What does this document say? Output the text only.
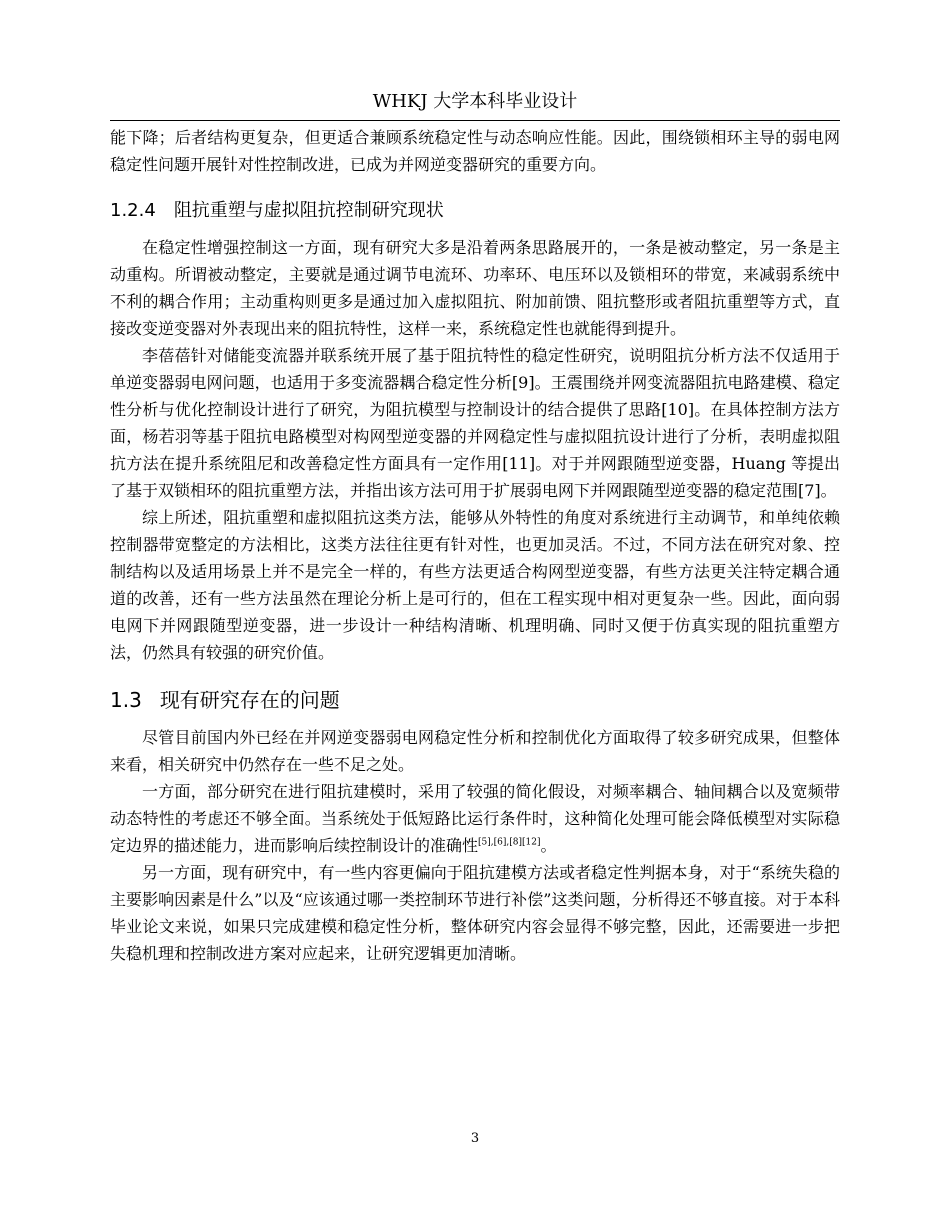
WHKJ 大学本科毕业设计

能下降；后者结构更复杂，但更适合兼顾系统稳定性与动态响应性能。因此，围绕锁相环主导的弱电网稳定性问题开展针对性控制改进，已成为并网逆变器研究的重要方向。

1.2.4 阻抗重塑与虚拟阻抗控制研究现状

在稳定性增强控制这一方面，现有研究大多是沿着两条思路展开的，一条是被动整定，另一条是主动重构。所谓被动整定，主要就是通过调节电流环、功率环、电压环以及锁相环的带宽，来减弱系统中不利的耦合作用；主动重构则更多是通过加入虚拟阻抗、附加前馈、阻抗整形或者阻抗重塑等方式，直接改变逆变器对外表现出来的阻抗特性，这样一来，系统稳定性也就能得到提升。

李蓓蓓针对储能变流器并联系统开展了基于阻抗特性的稳定性研究，说明阻抗分析方法不仅适用于单逆变器弱电网问题，也适用于多变流器耦合稳定性分析[9]。王震围绕并网变流器阻抗电路建模、稳定性分析与优化控制设计进行了研究，为阻抗模型与控制设计的结合提供了思路[10]。在具体控制方法方面，杨若羽等基于阻抗电路模型对构网型逆变器的并网稳定性与虚拟阻抗设计进行了分析，表明虚拟阻抗方法在提升系统阻尼和改善稳定性方面具有一定作用[11]。对于并网跟随型逆变器，Huang 等提出了基于双锁相环的阻抗重塑方法，并指出该方法可用于扩展弱电网下并网跟随型逆变器的稳定范围[7]。

综上所述，阻抗重塑和虚拟阻抗这类方法，能够从外特性的角度对系统进行主动调节，和单纯依赖控制器带宽整定的方法相比，这类方法往往更有针对性，也更加灵活。不过，不同方法在研究对象、控制结构以及适用场景上并不是完全一样的，有些方法更适合构网型逆变器，有些方法更关注特定耦合通道的改善，还有一些方法虽然在理论分析上是可行的，但在工程实现中相对更复杂一些。因此，面向弱电网下并网跟随型逆变器，进一步设计一种结构清晰、机理明确、同时又便于仿真实现的阻抗重塑方法，仍然具有较强的研究价值。

1.3 现有研究存在的问题

尽管目前国内外已经在并网逆变器弱电网稳定性分析和控制优化方面取得了较多研究成果，但整体来看，相关研究中仍然存在一些不足之处。

一方面，部分研究在进行阻抗建模时，采用了较强的简化假设，对频率耦合、轴间耦合以及宽频带动态特性的考虑还不够全面。当系统处于低短路比运行条件时，这种简化处理可能会降低模型对实际稳定边界的描述能力，进而影响后续控制设计的准确性[5],[6],[8][12]。

另一方面，现有研究中，有一些内容更偏向于阻抗建模方法或者稳定性判据本身，对于“系统失稳的主要影响因素是什么”以及“应该通过哪一类控制环节进行补偿”这类问题，分析得还不够直接。对于本科毕业论文来说，如果只完成建模和稳定性分析，整体研究内容会显得不够完整，因此，还需要进一步把失稳机理和控制改进方案对应起来，让研究逻辑更加清晰。

3
